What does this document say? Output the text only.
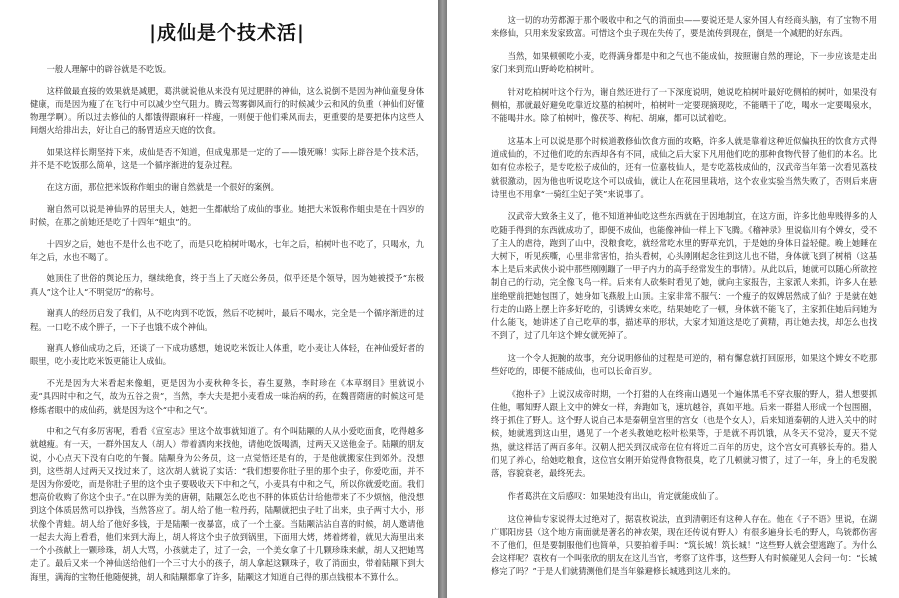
|成仙是个技术活|

一般人理解中的辟谷就是不吃饭。

这样做最直接的效果就是减肥，葛洪就说他从来没有见过肥胖的神仙，这么说倒不是因为神仙童叟身体健康，而是因为瘦了在飞行中可以减少空气阻力。腾云驾雾御风而行的时候减少云和风的负重（神仙们好懂物理学啊）。所以过去修仙的人都饿得跟麻秆一样瘦，一则便于他们乘风而去，更重要的是要把体内这些人间烟火给排出去，好让自己的肠胃适应天庭的饮食。

如果这样长期坚持下来，成仙是否不知道，但成鬼那是一定的了——饿死嘛！实际上辟谷是个技术活，并不是不吃饭那么简单，这是一个循序渐进的复杂过程。

在这方面，那位把米饭称作蛆虫的谢自然就是一个很好的案例。

谢自然可以说是神仙界的居里夫人，她把一生都献给了成仙的事业。她把大米饭称作蛆虫是在十四岁的时候，在那之前她还是吃了十四年“蛆虫”的。

十四岁之后，她也不是什么也不吃了，而是只吃柏树叶喝水，七年之后，柏树叶也不吃了，只喝水，九年之后，水也不喝了。

她顶住了世俗的舆论压力，继续绝食，终于当上了天庭公务员，似乎还是个领导，因为她被授予“东极真人”这个让人“不明觉厉”的称号。

谢真人的经历启发了我们，从不吃肉到不吃饭，然后不吃树叶，最后不喝水，完全是一个循序渐进的过程。一口吃不成个胖子，一下子也饿不成个神仙。

谢真人修仙成功之后，还谈了一下成功感想，她说吃米饭让人体重，吃小麦让人体轻，在神仙爱好者的眼里，吃小麦比吃米饭更能让人成仙。

不光是因为大米看起来像蛆，更是因为小麦秋种冬长，春生夏熟，李时珍在《本草纲目》里就说小麦“具四时中和之气，故为五谷之贵”，当然，李大夫是把小麦看成一味治病的药，在魏晋隋唐的时候这可是修炼者眼中的成仙药，就是因为这个“中和之气”。

中和之气有多厉害呢，看看《宣室志》里这个故事就知道了。有个叫陆颙的人从小爱吃面食，吃得越多就越瘦。有一天，一群外国友人（胡人）带着酒肉来找他，请他吃饭喝酒，过两天又送他金子。陆颙的朋友说，小心点天下没有白吃的午餐。陆颙身为公务员，这一点觉悟还是有的，于是他就搬家住到郊外。没想到，这些胡人过两天又找过来了，这次胡人就说了实话：“我们想要你肚子里的那个虫子，你爱吃面，并不是因为你爱吃，而是你肚子里的这个虫子要吸收天下中和之气，小麦具有中和之气，所以你就爱吃面。我们想高价收购了你这个虫子。”在以胖为美的唐朝，陆颙怎么吃也不胖的体质估计给他带来了不少烦恼，他没想到这个体质居然可以挣钱，当然答应了。胡人给了他一粒丹药，陆颙就把虫子吐了出来，虫子两寸大小，形状像个青蛙。胡人给了他好多钱，于是陆颙一夜暴富，成了一个土豪。当陆颙沾沾自喜的时候，胡人邀请他一起去大海上看看，他们来到大海上，胡人将这个虫子放到锅里，下面用大烤，烤着烤着，就见大海里出来一个小孩献上一颗珍珠，胡人大骂，小孩就走了，过了一会，一个美女拿了十几颗珍珠来献，胡人又把她骂走了。最后又来一个神仙送给他们一个三寸大小的孩子，胡人拿起这颗珠子，收了消面虫，带着陆颙下到大海里，满海的宝物任他随便挑，胡人和陆颙都拿了许多，陆颙这才知道自己得的那点钱根本不算什么。

这一切的功劳都源于那个吸收中和之气的消面虫——要说还是人家外国人有经商头脑，有了宝物不用来修仙，只用来发家致富。可惜这个虫子现在失传了，要是流传到现在，倒是一个减肥的好东西。

当然，如果顿顿吃小麦，吃得满身都是中和之气也不能成仙，按照谢自然的理论，下一步应该是走出家门来到荒山野岭吃柏树叶。

针对吃柏树叶这个行为，谢自然还进行了一下深度说明，她说吃柏树叶最好吃侧柏的树叶，如果没有侧柏，那就最好避免吃靠近坟墓的柏树叶，柏树叶一定要现摘现吃，不能晒干了吃，喝水一定要喝泉水，不能喝井水。除了柏树叶，像茯苓、枸杞、胡麻，都可以试着吃。

这基本上可以说是那个时候道教修仙饮食方面的攻略，许多人就是靠着这种近似偏执狂的饮食方式得道成仙的，不过他们吃的东西却各有不同，成仙之后大家下凡用他们吃的那种食物代替了他们的本名。比如有位赤松子，是专吃松子成仙的，还有一位嘉枝仙人，是专吃荔枝成仙的，汉武帝当年第一次看见荔枝就很激动，因为他也听说吃这个可以成仙，就让人在花园里栽培，这个农业实验当然失败了，否则后来唐诗里也不用拿“一骑红尘妃子笑”来说事了。

汉武帝大致条主义了，他不知道神仙吃这些东西就在于因地制宜，在这方面，许多比他卑贱得多的人吃随手得到的东西就成功了，即便不成仙，也能像神仙一样上下飞腾。《稽神录》里说临川有个婢女，受不了主人的虐待，跑到了山中，没粮食吃，就经常吃水里的野草充饥，于是她的身体日益轻健。晚上她睡在大树下，听见疾嘶，心里非常害怕，抬头看树，心头刚刚起念往到这儿也不错，身体就飞到了树梢（这基本上是后来武侠小说中那些刚刚蹦了一甲子内力的高手经常发生的事情）。从此以后，她就可以随心所欲控制自己的行动，完全像飞鸟一样。后来有人砍柴时看见了她，就向主家报告，主家派人来抓，许多人在悬崖绝壁前把她包围了，她身如飞燕般上山顶。主家非常不服气：一个瘦子的奴婢居然成了仙？于是就在她行走的山路上摆上许多好吃的，引诱婢女来吃，结果她吃了一顿，身体就不能飞了，主家抓住她后问她为什么能飞，她讲述了自己吃草的事，描述草的形状，大家才知道这是吃了黄精，再让她去找，却怎么也找不到了，过了几年这个婢女就死掉了。

这一个令人扼腕的故事，充分说明修仙的过程是可逆的，稍有懈怠就打回原形，如果这个婢女不吃那些好吃的，即便不能成仙，也可以长命百岁。

《抱朴子》上说汉成帝时期，一个打猎的人在终南山遇见一个遍体黑毛不穿衣服的野人，猎人想要抓住他，哪知野人跟上文中的婢女一样，奔跑如飞，速坑越谷，真如平地。后来一群猎人形成一个包围圈，终于抓住了野人。这个野人说自己本是秦朝皇宫里的宫女（也是个女人），后来知道秦朝的人进入关中的时候，她就逃到这山里，遇见了一个老头教她吃松叶松果等，于是就不再饥饿，从冬天不觉冷，夏天不觉热，就这样活了两百多年。汉朝人把关到汉成帝在位有将近二百年的历史，这个宫女可真够长寿的。猎人们见了养心，给她吃粮食，这位宫女刚开始觉得食物很臭，吃了几顿就习惯了，过了一年，身上的毛发脱落，容貌衰老，最终死去。

作者葛洪在文后感叹：如果她没有出山，肯定就能成仙了。

这位神仙专家说得太过绝对了，据袁枚说法，直到清朝还有这种人存在。他在《子不语》里说，在湖广郧阳房县（这个地方南面就是著名的神农架，现在还传说有野人）有很多遍身长毛的野人，鸟铳都伤害不了他们，但是要制服他们也简单，只要拍着手叫：“筑长城！筑长城！”这些野人就会望逃跑了。为什么会这样呢？袁枚有一个叫张欣的朋友在这儿当官，考察了这件事，这些野人有时候碰见人会问一句：“长城修完了吗？”于是人们就猜测他们是当年躲避修长城逃到这儿来的。
